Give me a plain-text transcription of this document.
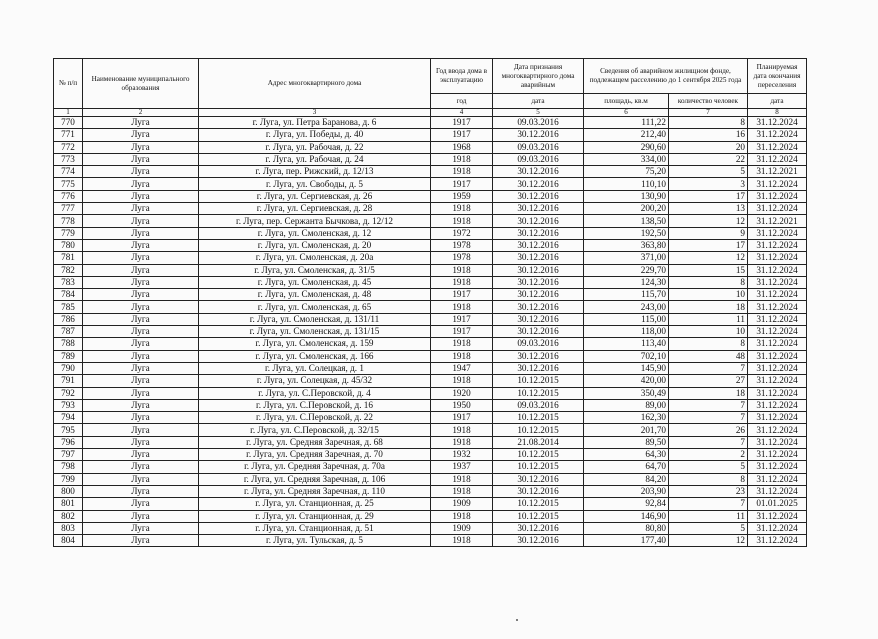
№ п/п	Наименование муниципального образования	Адрес многоквартирного дома	Год ввода дома в эксплуатацию	Дата признания многоквартирного дома аварийным	Сведения об аварийном жилищном фонде, подлежащем расселению до 1 сентября 2025 года		Планируемая дата окончания переселения
			год	дата	площадь, кв.м	количество человек	дата
1	2	3	4	5	6	7	8
770	Луга	г. Луга, ул. Петра Баранова, д. 6	1917	09.03.2016	111,22	8	31.12.2024
771	Луга	г. Луга, ул. Победы, д. 40	1917	30.12.2016	212,40	16	31.12.2024
772	Луга	г. Луга, ул. Рабочая, д. 22	1968	09.03.2016	290,60	20	31.12.2024
773	Луга	г. Луга, ул. Рабочая, д. 24	1918	09.03.2016	334,00	22	31.12.2024
774	Луга	г. Луга, пер. Рижский, д. 12/13	1918	30.12.2016	75,20	5	31.12.2021
775	Луга	г. Луга, ул. Свободы, д. 5	1917	30.12.2016	110,10	3	31.12.2024
776	Луга	г. Луга, ул. Сергиевская, д. 26	1959	30.12.2016	130,90	17	31.12.2024
777	Луга	г. Луга, ул. Сергиевская, д. 28	1918	30.12.2016	200,20	13	31.12.2024
778	Луга	г. Луга, пер. Сержанта Бычкова, д. 12/12	1918	30.12.2016	138,50	12	31.12.2021
779	Луга	г. Луга, ул. Смоленская, д. 12	1972	30.12.2016	192,50	9	31.12.2024
780	Луга	г. Луга, ул. Смоленская, д. 20	1978	30.12.2016	363,80	17	31.12.2024
781	Луга	г. Луга, ул. Смоленская, д. 20а	1978	30.12.2016	371,00	12	31.12.2024
782	Луга	г. Луга, ул. Смоленская, д. 31/5	1918	30.12.2016	229,70	15	31.12.2024
783	Луга	г. Луга, ул. Смоленская, д. 45	1918	30.12.2016	124,30	8	31.12.2024
784	Луга	г. Луга, ул. Смоленская, д. 48	1917	30.12.2016	115,70	10	31.12.2024
785	Луга	г. Луга, ул. Смоленская, д. 65	1918	30.12.2016	243,00	18	31.12.2024
786	Луга	г. Луга, ул. Смоленская, д. 131/11	1917	30.12.2016	115,00	11	31.12.2024
787	Луга	г. Луга, ул. Смоленская, д. 131/15	1917	30.12.2016	118,00	10	31.12.2024
788	Луга	г. Луга, ул. Смоленская, д. 159	1918	09.03.2016	113,40	8	31.12.2024
789	Луга	г. Луга, ул. Смоленская, д. 166	1918	30.12.2016	702,10	48	31.12.2024
790	Луга	г. Луга, ул. Солецкая, д. 1	1947	30.12.2016	145,90	7	31.12.2024
791	Луга	г. Луга, ул. Солецкая, д. 45/32	1918	10.12.2015	420,00	27	31.12.2024
792	Луга	г. Луга, ул. С.Перовской, д. 4	1920	10.12.2015	350,49	18	31.12.2024
793	Луга	г. Луга, ул. С.Перовской, д. 16	1950	09.03.2016	89,00	7	31.12.2024
794	Луга	г. Луга, ул. С.Перовской, д. 22	1917	10.12.2015	162,30	7	31.12.2024
795	Луга	г. Луга, ул. С.Перовской, д. 32/15	1918	10.12.2015	201,70	26	31.12.2024
796	Луга	г. Луга, ул. Средняя Заречная, д. 68	1918	21.08.2014	89,50	7	31.12.2024
797	Луга	г. Луга, ул. Средняя Заречная, д. 70	1932	10.12.2015	64,30	2	31.12.2024
798	Луга	г. Луга, ул. Средняя Заречная, д. 70а	1937	10.12.2015	64,70	5	31.12.2024
799	Луга	г. Луга, ул. Средняя Заречная, д. 106	1918	30.12.2016	84,20	8	31.12.2024
800	Луга	г. Луга, ул. Средняя Заречная, д. 110	1918	30.12.2016	203,90	23	31.12.2024
801	Луга	г. Луга, ул. Станционная, д. 25	1909	10.12.2015	92,84	7	01.01.2025
802	Луга	г. Луга, ул. Станционная, д. 29	1918	10.12.2015	146,90	11	31.12.2024
803	Луга	г. Луга, ул. Станционная, д. 51	1909	30.12.2016	80,80	5	31.12.2024
804	Луга	г. Луга, ул. Тульская, д. 5	1918	30.12.2016	177,40	12	31.12.2024
